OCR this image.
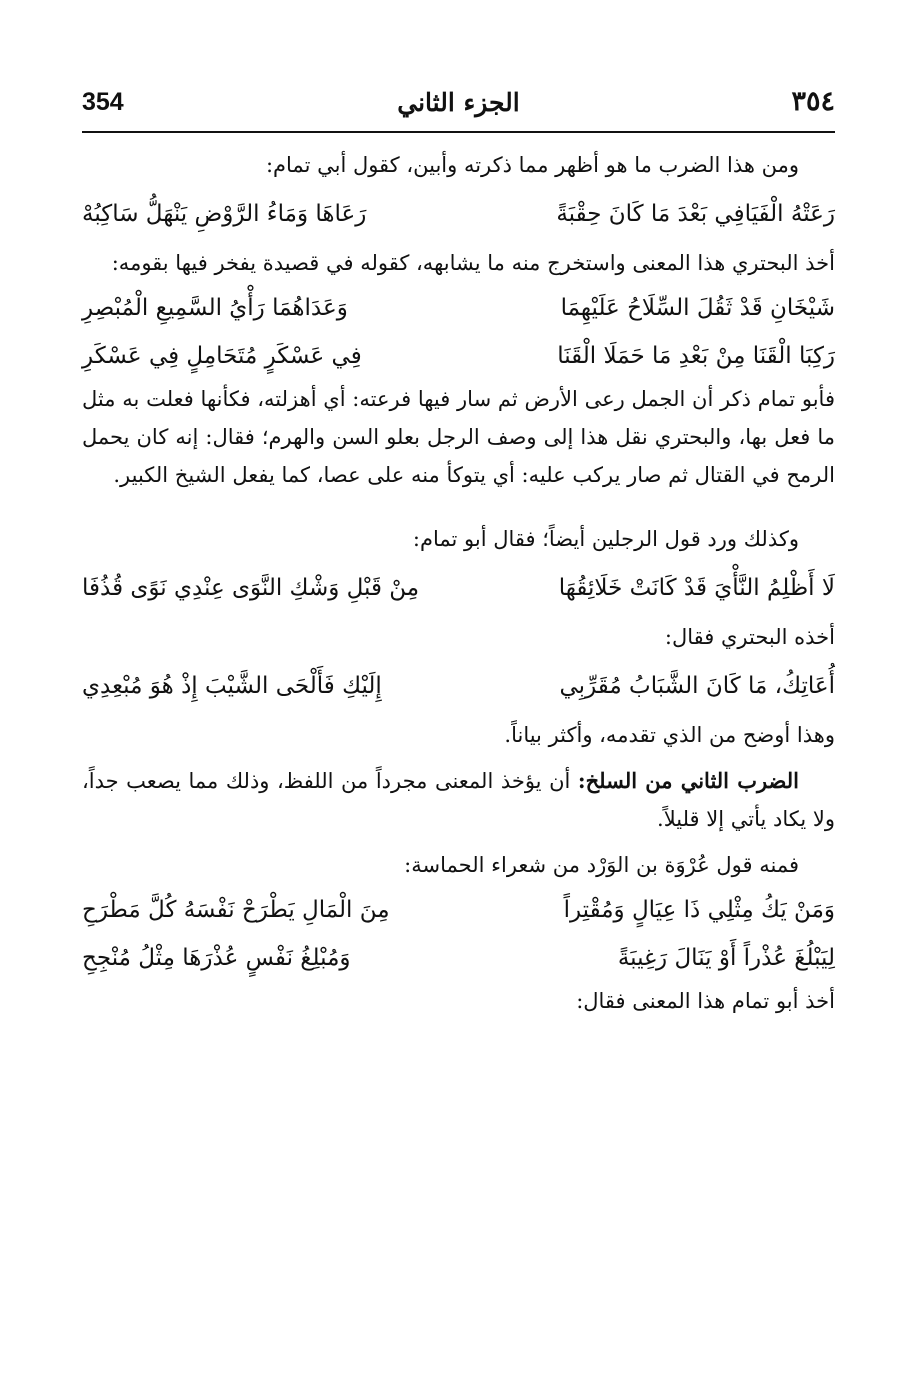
354	الجزء الثاني	٣٥٤

ومن هذا الضرب ما هو أظهر مما ذكرته وأبين، كقول أبي تمام:

رَعَتْهُ الْفَيَافِي بَعْدَ مَا كَانَ حِقْبَةً
رَعَاهَا وَمَاءُ الرَّوْضِ يَنْهَلُّ سَاكِبُهْ

أخذ البحتري هذا المعنى واستخرج منه ما يشابهه، كقوله في قصيدة يفخر فيها بقومه:

شَيْخَانِ قَدْ ثَقُلَ السِّلَاحُ عَلَيْهِمَا
وَعَدَاهُمَا رَأْيُ السَّمِيعِ الْمُبْصِرِ
رَكِبَا الْقَنَا مِنْ بَعْدِ مَا حَمَلَا الْقَنَا
فِي عَسْكَرٍ مُتَحَامِلٍ فِي عَسْكَرِ

فأبو تمام ذكر أن الجمل رعى الأرض ثم سار فيها فرعته: أي أهزلته، فكأنها فعلت به مثل ما فعل بها، والبحتري نقل هذا إلى وصف الرجل بعلو السن والهرم؛ فقال: إنه كان يحمل الرمح في القتال ثم صار يركب عليه: أي يتوكأ منه على عصا، كما يفعل الشيخ الكبير.

وكذلك ورد قول الرجلين أيضاً؛ فقال أبو تمام:

لَا أَظْلِمُ النَّأْيَ قَدْ كَانَتْ خَلَائِقُهَا
مِنْ قَبْلِ وَشْكِ النَّوَى عِنْدِي نَوًى قُذُفَا

أخذه البحتري فقال:

أُعَاتِكُ، مَا كَانَ الشَّبَابُ مُقَرِّبِي
إِلَيْكِ فَأَلْحَى الشَّيْبَ إِذْ هُوَ مُبْعِدِي

وهذا أوضح من الذي تقدمه، وأكثر بياناً.

الضرب الثاني من السلخ: أن يؤخذ المعنى مجرداً من اللفظ، وذلك مما يصعب جداً، ولا يكاد يأتي إلا قليلاً.

فمنه قول عُرْوَة بن الوَرْد من شعراء الحماسة:

وَمَنْ يَكُ مِثْلِي ذَا عِيَالٍ وَمُقْتِراً
مِنَ الْمَالِ يَطْرَحْ نَفْسَهُ كُلَّ مَطْرَحِ
لِيَبْلُغَ عُذْراً أَوْ يَنَالَ رَغِيبَةً
وَمُبْلِغُ نَفْسٍ عُذْرَهَا مِثْلُ مُنْجِحِ

أخذ أبو تمام هذا المعنى فقال:
